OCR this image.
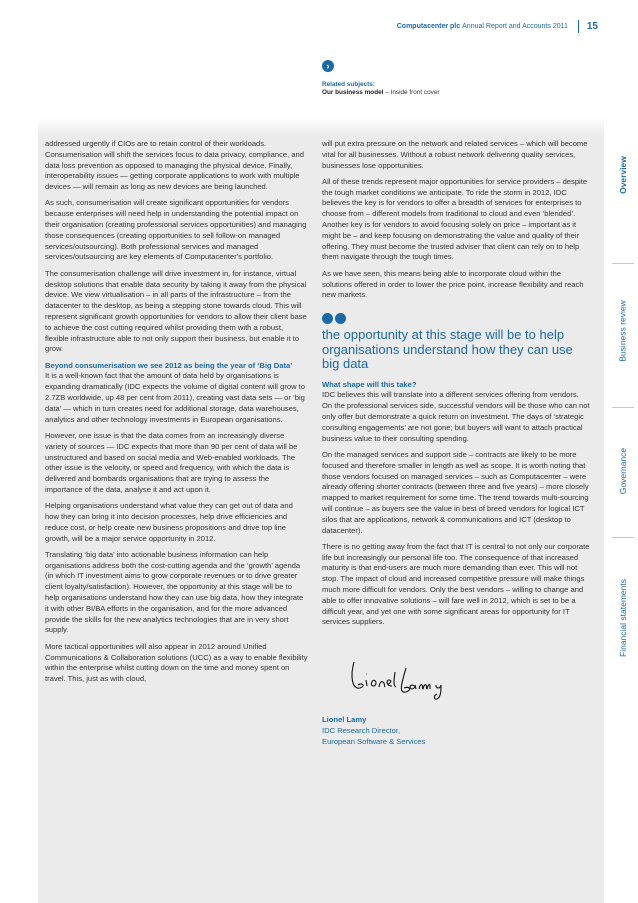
Computacenter plc Annual Report and Accounts 2011 15
›
Related subjects:
Our business model – Inside front cover

addressed urgently if CIOs are to retain control of their workloads. Consumerisation will shift the services focus to data privacy, compliance, and data loss prevention as opposed to managing the physical device. Finally, interoperability issues — getting corporate applications to work with multiple devices — will remain as long as new devices are being launched.

As such, consumerisation will create significant opportunities for vendors because enterprises will need help in understanding the potential impact on their organisation (creating professional services opportunities) and managing those consequences (creating opportunities to sell follow-on managed services/outsourcing). Both professional services and managed services/outsourcing are key elements of Computacenter's portfolio.

The consumerisation challenge will drive investment in, for instance, virtual desktop solutions that enable data security by taking it away from the physical device. We view virtualisation – in all parts of the infrastructure – from the datacenter to the desktop, as being a stepping stone towards cloud. This will represent significant growth opportunities for vendors to allow their client base to achieve the cost cutting required whilst providing them with a robust, flexible infrastructure able to not only support their business, but enable it to grow.

Beyond consumerisation we see 2012 as being the year of ‘Big Data’

It is a well-known fact that the amount of data held by organisations is expanding dramatically (IDC expects the volume of digital content will grow to 2.7ZB worldwide, up 48 per cent from 2011), creating vast data sets — or ‘big data’ — which in turn creates need for additional storage, data warehouses, analytics and other technology investments in European organisations.

However, one issue is that the data comes from an increasingly diverse variety of sources — IDC expects that more than 90 per cent of data will be unstructured and based on social media and Web-enabled workloads. The other issue is the velocity, or speed and frequency, with which the data is delivered and bombards organisations that are trying to assess the importance of the data, analyse it and act upon it.

Helping organisations understand what value they can get out of data and how they can bring it into decision processes, help drive efficiencies and reduce cost, or help create new business propositions and drive top line growth, will be a major service opportunity in 2012.

Translating ‘big data’ into actionable business information can help organisations address both the cost-cutting agenda and the ‘growth’ agenda (in which IT investment aims to grow corporate revenues or to drive greater client loyalty/satisfaction). However, the opportunity at this stage will be to help organisations understand how they can use big data, how they integrate it with other BI/BA efforts in the organisation, and for the more advanced provide the skills for the new analytics technologies that are in very short supply.

More tactical opportunities will also appear in 2012 around Unified Communications & Collaboration solutions (UCC) as a way to enable flexibility within the enterprise whilst cutting down on the time and money spent on travel. This, just as with cloud,

will put extra pressure on the network and related services – which will become vital for all businesses. Without a robust network delivering quality services, businesses lose opportunities.

All of these trends represent major opportunities for service providers – despite the tough market conditions we anticipate. To ride the storm in 2012, IDC believes the key is for vendors to offer a breadth of services for enterprises to choose from – different models from traditional to cloud and even ‘blended’. Another key is for vendors to avoid focusing solely on price – important as it might be – and keep focusing on demonstrating the value and quality of their offering. They must become the trusted adviser that client can rely on to help them navigate through the tough times.

As we have seen, this means being able to incorporate cloud within the solutions offered in order to lower the price point, increase flexibility and reach new markets.

the opportunity at this stage will be to help organisations understand how they can use big data
What shape will this take?

IDC believes this will translate into a different services offering from vendors. On the professional services side, successful vendors will be those who can not only offer but demonstrate a quick return on investment. The days of ‘strategic consulting engagements’ are not gone; but buyers will want to attach practical business value to their consulting spending.

On the managed services and support side – contracts are likely to be more focused and therefore smaller in length as well as scope. It is worth noting that those vendors focused on managed services – such as Computacenter – were already offering shorter contracts (between three and five years) – more closely mapped to market requirement for some time. The trend towards multi-sourcing will continue – as buyers see the value in best of breed vendors for logical ICT silos that are applications, network & communications and ICT (desktop to datacenter).

There is no getting away from the fact that IT is central to not only our corporate life but increasingly our personal life too. The consequence of that increased maturity is that end-users are much more demanding than ever. This will not stop. The impact of cloud and increased competitive pressure will make things much more difficult for vendors. Only the best vendors – willing to change and able to offer innovative solutions – will fare well in 2012, which is set to be a difficult year, and yet one with some significant areas for opportunity for IT services suppliers.

Lionel Lamy
IDC Research Director,
European Software & Services
Overview
Business review
Governance
Financial statements
